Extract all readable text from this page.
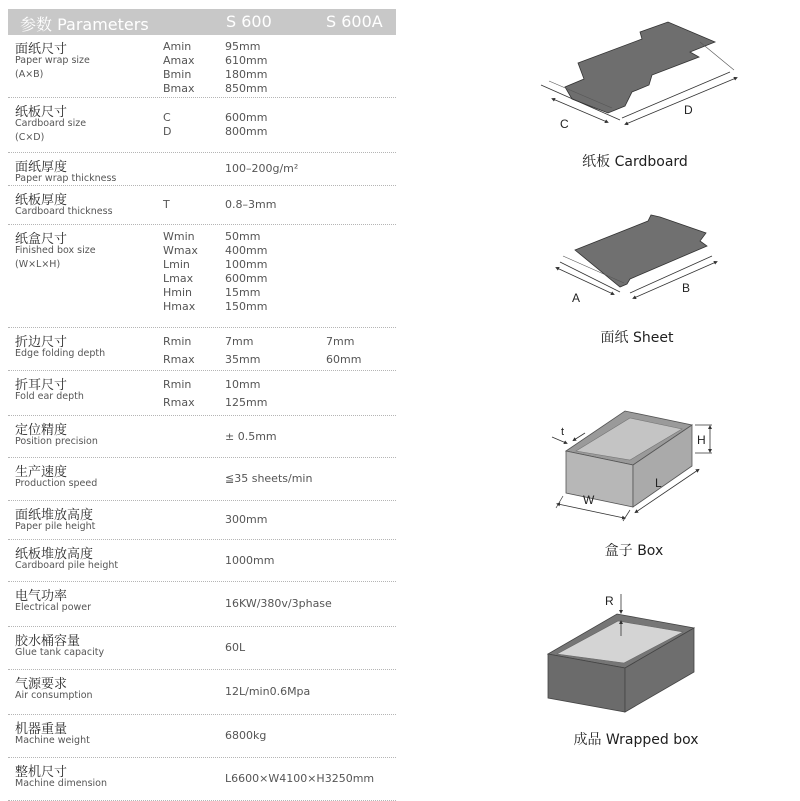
参数 Parameters	S 600	S 600A
面纸尺寸
Paper wrap size
(A×B)
Amin	95mm
Amax	610mm
Bmin	180mm
Bmax	850mm
纸板尺寸
Cardboard size
(C×D)
C	600mm
D	800mm
面纸厚度
Paper wrap thickness
100–200g/m²
纸板厚度
Cardboard thickness
T	0.8–3mm
纸盒尺寸
Finished box size
(W×L×H)
Wmin	50mm
Wmax 400mm
Lmin	100mm
Lmax	600mm
Hmin	15mm
Hmax	150mm
折边尺寸
Edge folding depth
Rmin	7mm	7mm
Rmax	35mm	60mm
折耳尺寸
Fold ear depth
Rmin	10mm
Rmax	125mm
定位精度
Position precision	± 0.5mm
生产速度
Production speed	≦35 sheets/min
面纸堆放高度
Paper pile height
300mm
纸板堆放高度
Cardboard pile height	1000mm
电气功率
Electrical power	16KW/380v/3phase
胶水桶容量
Glue tank capacity	60L
气源要求
Air consumption	12L/min0.6Mpa
机器重量
Machine weight	6800kg
整机尺寸
Machine dimension	L6600×W4100×H3250mm
C
D
A
B
H
t
W
L
R
纸板 Cardboard
面纸 Sheet
盒子 Box
成品 Wrapped box
